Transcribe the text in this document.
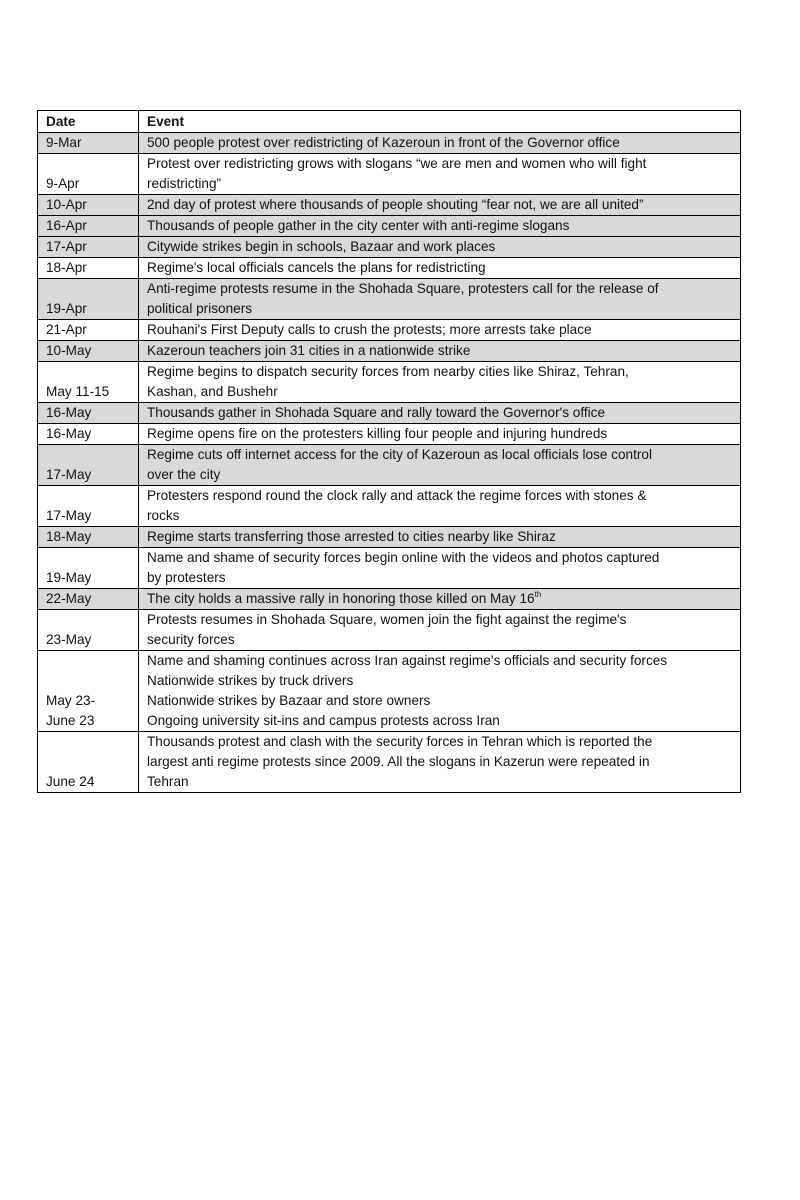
Date	Event

9-Mar	500 people protest over redistricting of Kazeroun in front of the Governor office

9-Apr	Protest over redistricting grows with slogans “we are men and women who will fight
redistricting”

10-Apr	2nd day of protest where thousands of people shouting “fear not, we are all united”

16-Apr	Thousands of people gather in the city center with anti-regime slogans

17-Apr	Citywide strikes begin in schools, Bazaar and work places

18-Apr	Regime's local officials cancels the plans for redistricting

19-Apr	Anti-regime protests resume in the Shohada Square, protesters call for the release of
political prisoners

21-Apr	Rouhani's First Deputy calls to crush the protests; more arrests take place

10-May	Kazeroun teachers join 31 cities in a nationwide strike

May 11-15	Regime begins to dispatch security forces from nearby cities like Shiraz, Tehran,
Kashan, and Bushehr

16-May	Thousands gather in Shohada Square and rally toward the Governor's office

16-May	Regime opens fire on the protesters killing four people and injuring hundreds

17-May	Regime cuts off internet access for the city of Kazeroun as local officials lose control
over the city

17-May	Protesters respond round the clock rally and attack the regime forces with stones &
rocks

18-May	Regime starts transferring those arrested to cities nearby like Shiraz

19-May	Name and shame of security forces begin online with the videos and photos captured
by protesters

22-May	The city holds a massive rally in honoring those killed on May 16th

23-May	Protests resumes in Shohada Square, women join the fight against the regime's
security forces

May 23-
June 23	Name and shaming continues across Iran against regime’s officials and security forces
Nationwide strikes by truck drivers
Nationwide strikes by Bazaar and store owners
Ongoing university sit-ins and campus protests across Iran

June 24	Thousands protest and clash with the security forces in Tehran which is reported the
largest anti regime protests since 2009. All the slogans in Kazerun were repeated in
Tehran
